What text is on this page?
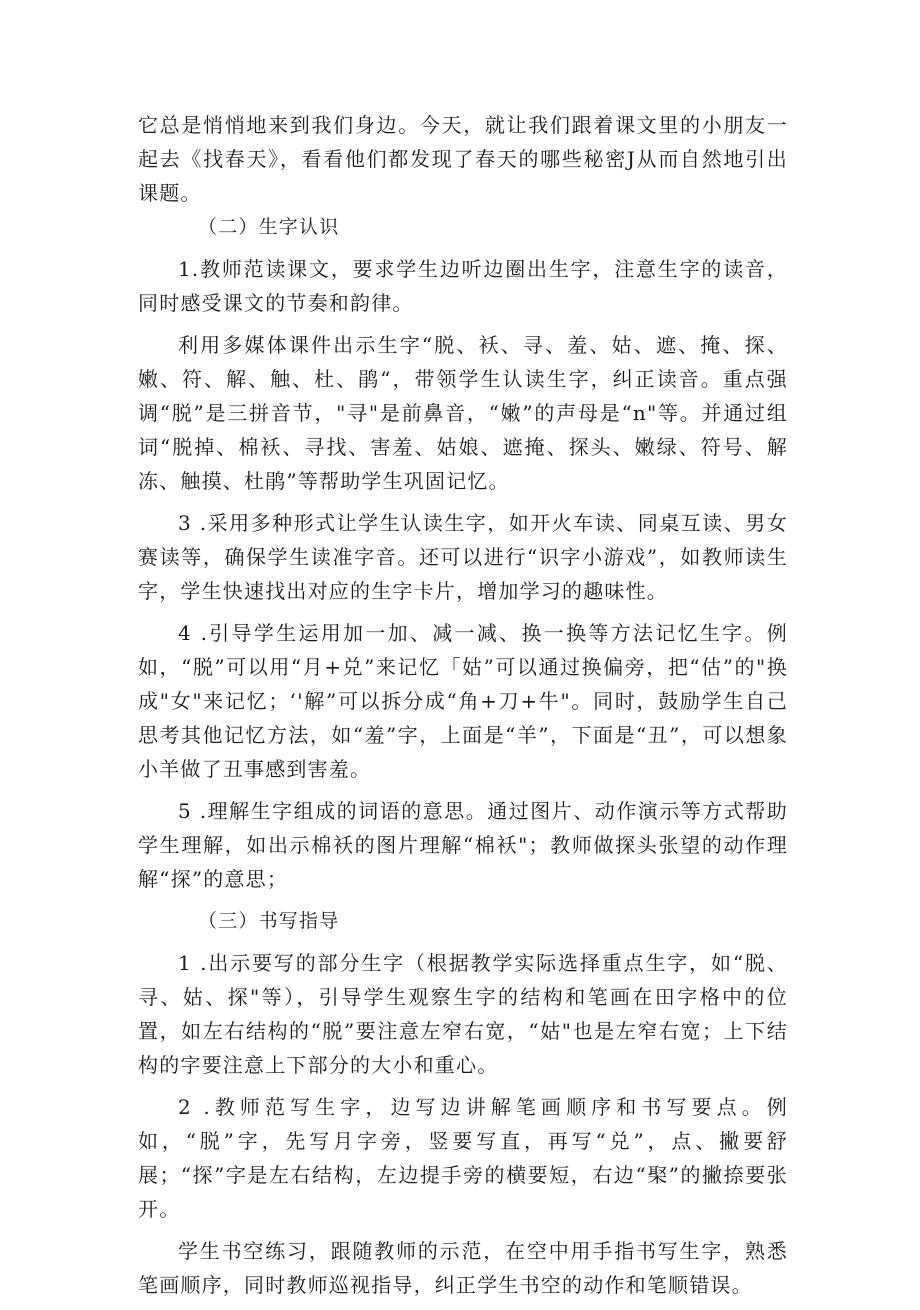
它总是悄悄地来到我们身边。今天，就让我们跟着课文里的小朋友一起去《找春天》，看看他们都发现了春天的哪些秘密J从而自然地引出课题。

（二）生字认识

1.教师范读课文，要求学生边听边圈出生字，注意生字的读音，同时感受课文的节奏和韵律。

利用多媒体课件出示生字“脱、袄、寻、羞、姑、遮、掩、探、嫩、符、解、触、杜、鹃“，带领学生认读生字，纠正读音。重点强调“脱”是三拼音节，"寻"是前鼻音，“嫩”的声母是“n"等。并通过组词“脱掉、棉袄、寻找、害羞、姑娘、遮掩、探头、嫩绿、符号、解冻、触摸、杜鹃”等帮助学生巩固记忆。

3 .采用多种形式让学生认读生字，如开火车读、同桌互读、男女赛读等，确保学生读准字音。还可以进行“识字小游戏”，如教师读生字，学生快速找出对应的生字卡片，增加学习的趣味性。

4 .引导学生运用加一加、减一减、换一换等方法记忆生字。例如，“脱”可以用“月+兑”来记忆「姑”可以通过换偏旁，把“估”的"换成"女"来记忆；‘'解”可以拆分成“角+刀+牛"。同时，鼓励学生自己思考其他记忆方法，如“羞”字，上面是“羊”，下面是“丑”，可以想象小羊做了丑事感到害羞。

5 .理解生字组成的词语的意思。通过图片、动作演示等方式帮助学生理解，如出示棉袄的图片理解“棉袄"；教师做探头张望的动作理解“探”的意思；

（三）书写指导

1 .出示要写的部分生字（根据教学实际选择重点生字，如“脱、寻、姑、探"等），引导学生观察生字的结构和笔画在田字格中的位置，如左右结构的“脱”要注意左窄右宽，“姑"也是左窄右宽；上下结构的字要注意上下部分的大小和重心。

2 .教师范写生字，边写边讲解笔画顺序和书写要点。例如，“脱”字，先写月字旁，竖要写直，再写“兑”，点、撇要舒展；“探”字是左右结构，左边提手旁的横要短，右边“棸”的撇捺要张开。

学生书空练习，跟随教师的示范，在空中用手指书写生字，熟悉笔画顺序，同时教师巡视指导，纠正学生书空的动作和笔顺错误。
